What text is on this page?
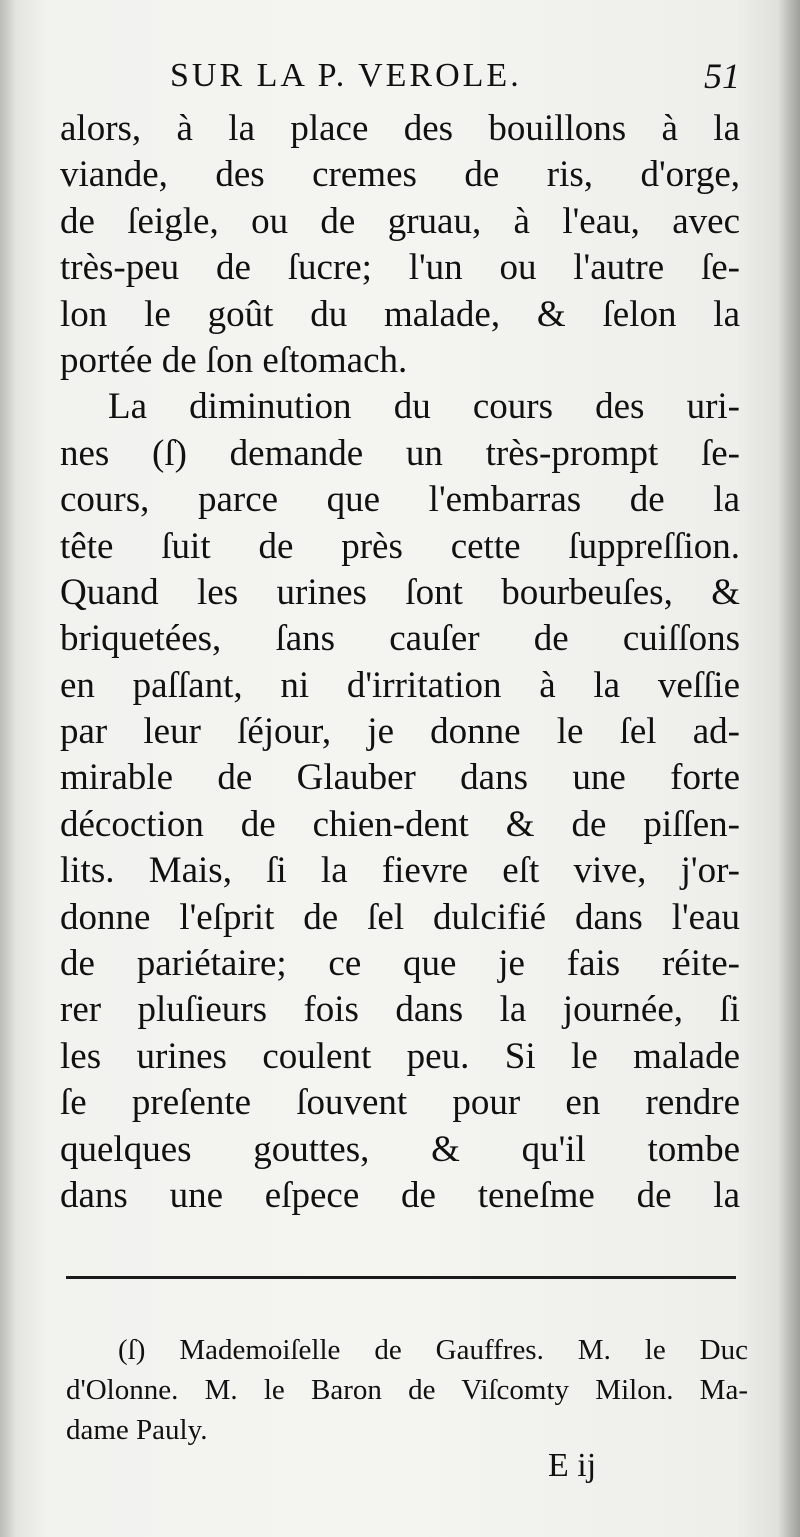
SUR LA P. VEROLE.	51
alors, à la place des bouillons à la
viande, des cremes de ris, d'orge,
de ſeigle, ou de gruau, à l'eau, avec
très-peu de ſucre; l'un ou l'autre ſe-
lon le goût du malade, & ſelon la
portée de ſon eſtomach.
La diminution du cours des uri-
nes (ſ) demande un très-prompt ſe-
cours, parce que l'embarras de la
tête ſuit de près cette ſuppreſſion.
Quand les urines ſont bourbeuſes, &
briquetées, ſans cauſer de cuiſſons
en paſſant, ni d'irritation à la veſſie
par leur ſéjour, je donne le ſel ad-
mirable de Glauber dans une forte
décoction de chien-dent & de piſſen-
lits. Mais, ſi la fievre eſt vive, j'or-
donne l'eſprit de ſel dulcifié dans l'eau
de pariétaire; ce que je fais réite-
rer pluſieurs fois dans la journée, ſi
les urines coulent peu. Si le malade
ſe preſente ſouvent pour en rendre
quelques gouttes, & qu'il tombe
dans une eſpece de teneſme de la
(ſ) Mademoiſelle de Gauffres. M. le Duc
d'Olonne. M. le Baron de Viſcomty Milon. Ma-
dame Pauly.
E ij
